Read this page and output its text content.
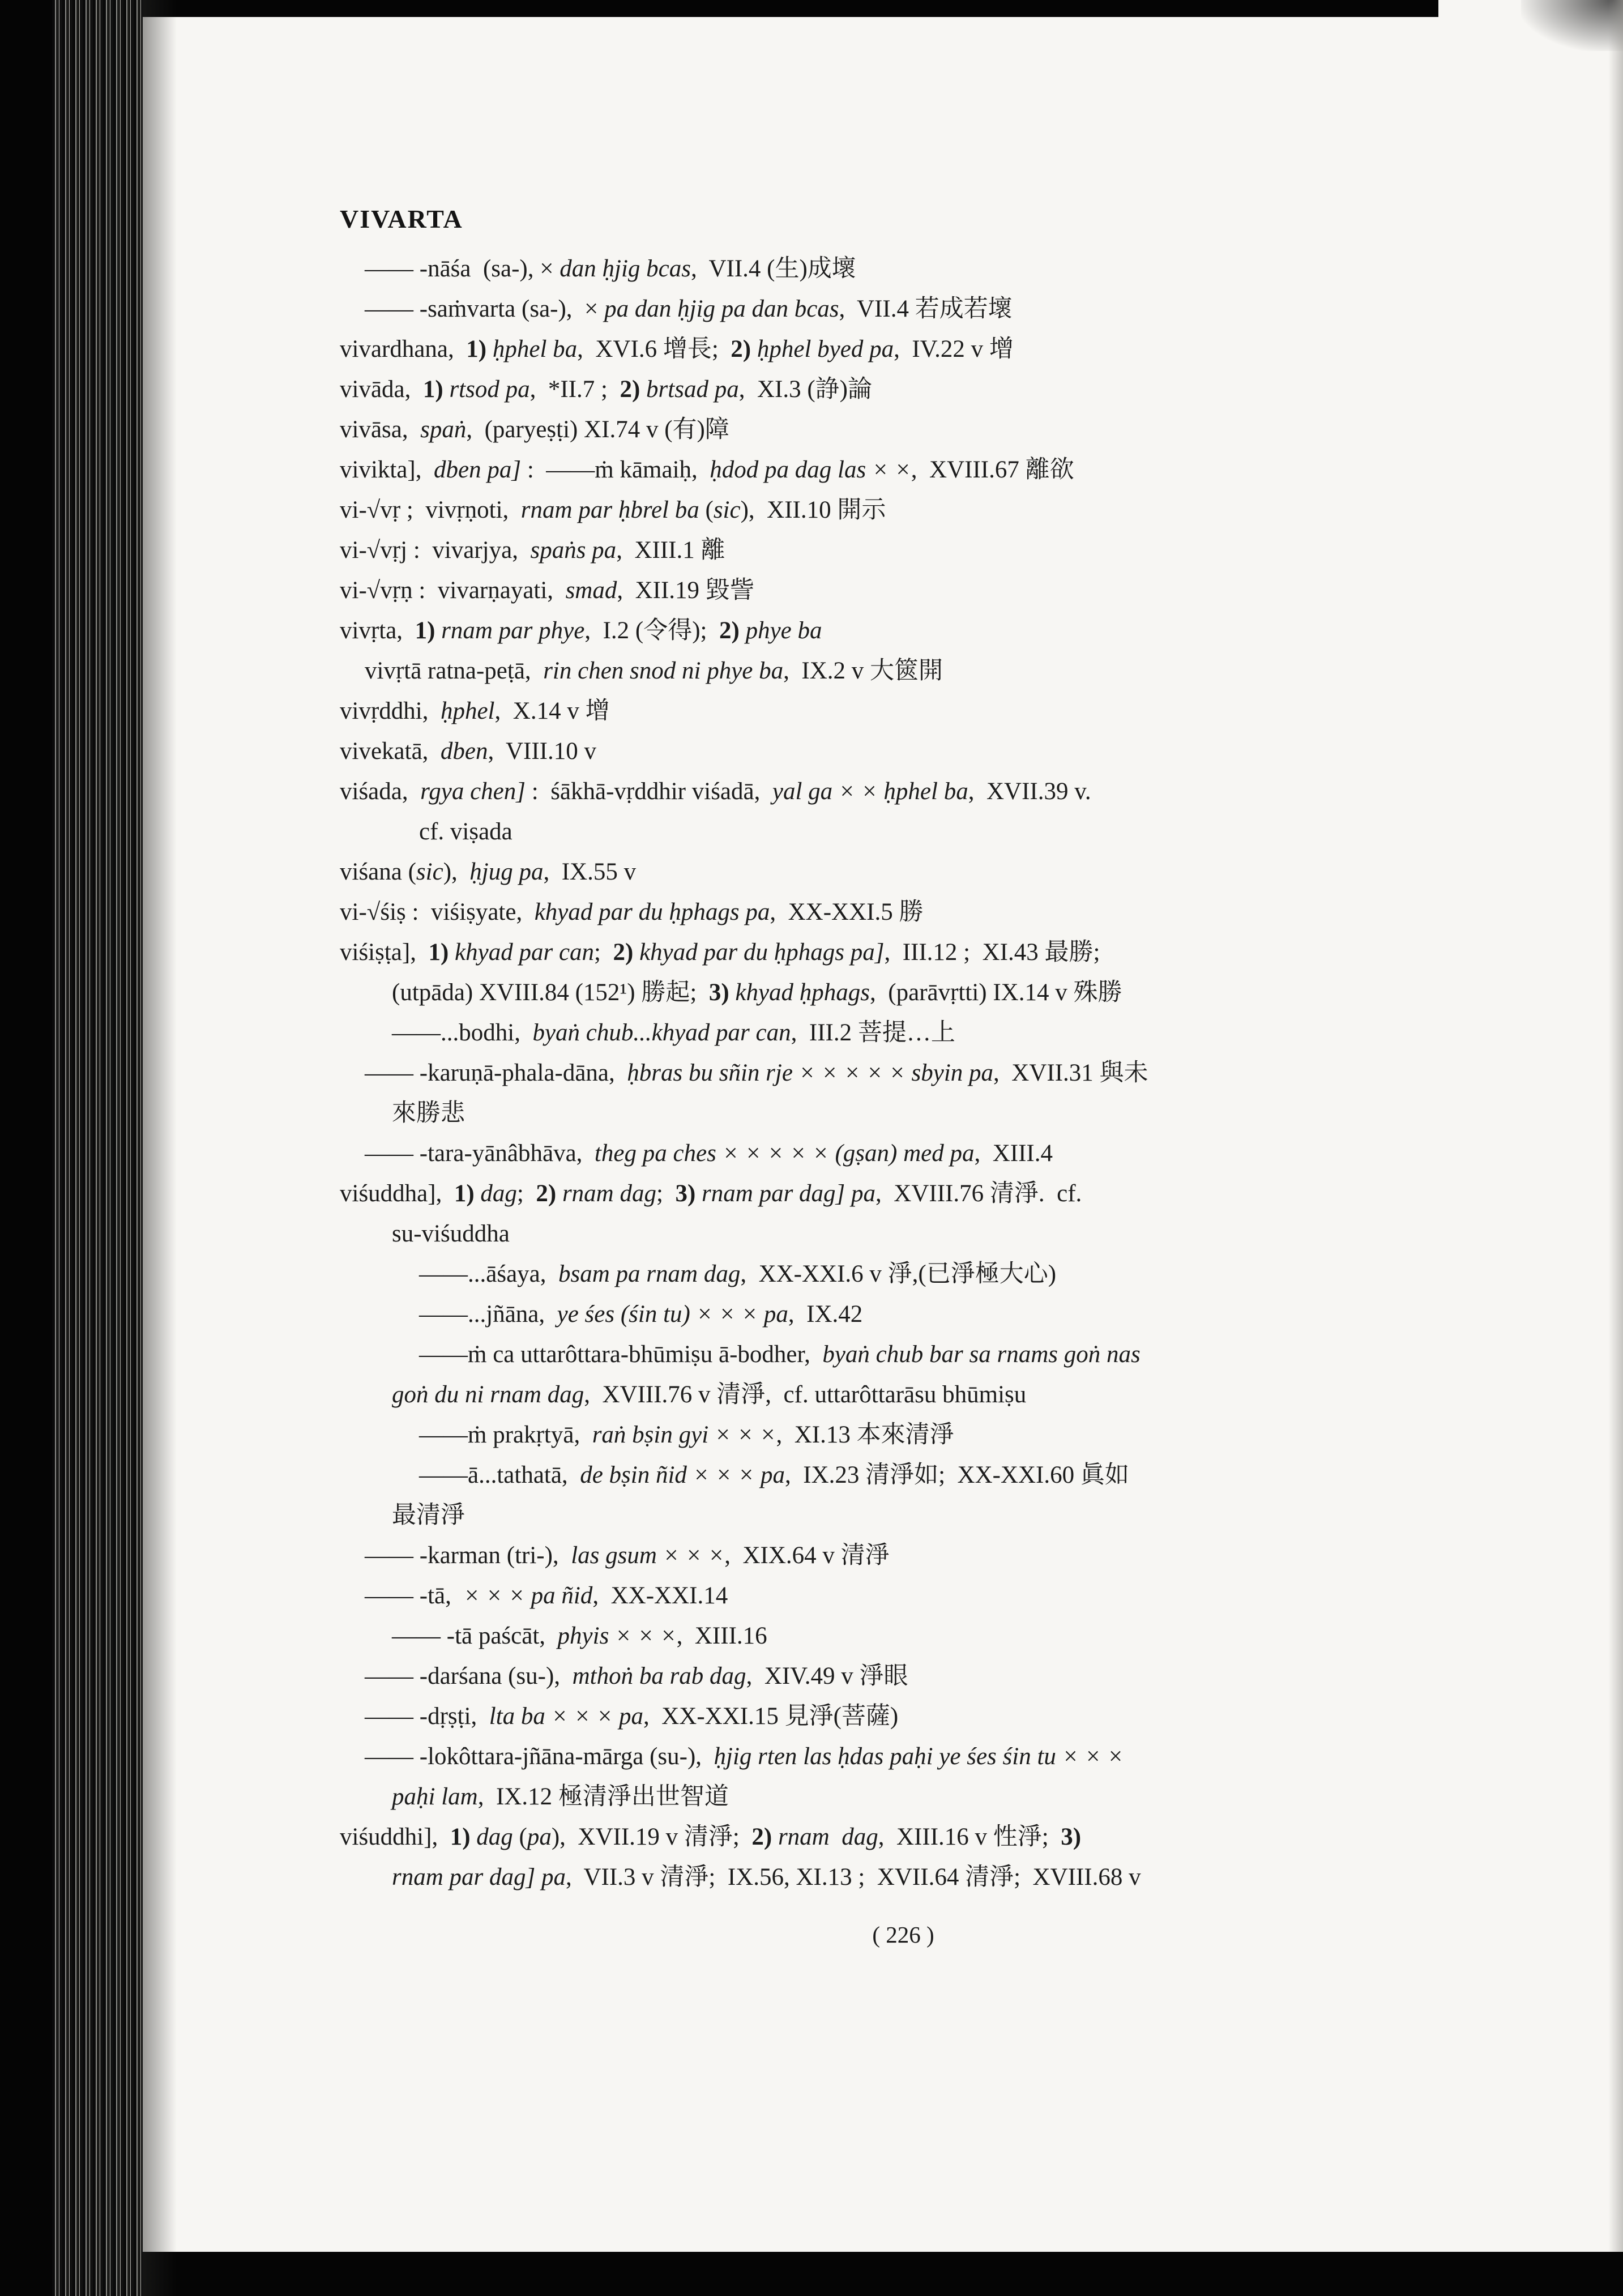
VIVARTA
—— -nāśa  (sa-), × dan ḥjig bcas,  VII.4 (生)成壞
—— -saṁvarta (sa-),  × pa dan ḥjig pa dan bcas,  VII.4 若成若壞
vivardhana,  1) ḥphel ba,  XVI.6 增長;  2) ḥphel byed pa,  IV.22 v 增
vivāda,  1) rtsod pa,  *II.7 ;  2) brtsad pa,  XI.3 (諍)論
vivāsa,  spaṅ,  (paryeṣṭi) XI.74 v (有)障
vivikta],  dben pa] :  ——ṁ kāmaiḥ,  ḥdod pa dag las × ×,  XVIII.67 離欲
vi-√vṛ ;  vivṛṇoti,  rnam par ḥbrel ba (sic),  XII.10 開示
vi-√vṛj :  vivarjya,  spaṅs pa,  XIII.1 離
vi-√vṛṇ :  vivarṇayati,  smad,  XII.19 毀訾
vivṛta,  1) rnam par phye,  I.2 (令得);  2) phye ba
vivṛtā ratna-peṭā,  rin chen snod ni phye ba,  IX.2 v 大篋開
vivṛddhi,  ḥphel,  X.14 v 增
vivekatā,  dben,  VIII.10 v
viśada,  rgya chen] :  śākhā-vṛddhir viśadā,  yal ga × × ḥphel ba,  XVII.39 v.
cf. viṣada
viśana (sic),  ḥjug pa,  IX.55 v
vi-√śiṣ :  viśiṣyate,  khyad par du ḥphags pa,  XX-XXI.5 勝
viśiṣṭa],  1) khyad par can;  2) khyad par du ḥphags pa],  III.12 ;  XI.43 最勝;
(utpāda) XVIII.84 (152¹) 勝起;  3) khyad ḥphags,  (parāvṛtti) IX.14 v 殊勝
——...bodhi,  byaṅ chub...khyad par can,  III.2 菩提…上
—— -karuṇā-phala-dāna,  ḥbras bu sñin rje × × × × × sbyin pa,  XVII.31 與未
來勝悲
—— -tara-yānâbhāva,  theg pa ches × × × × × (gṣan) med pa,  XIII.4
viśuddha],  1) dag;  2) rnam dag;  3) rnam par dag] pa,  XVIII.76 清淨.  cf.
su-viśuddha
——...āśaya,  bsam pa rnam dag,  XX-XXI.6 v 淨,(已淨極大心)
——...jñāna,  ye śes (śin tu) × × × pa,  IX.42
——ṁ ca uttarôttara-bhūmiṣu ā-bodher,  byaṅ chub bar sa rnams goṅ nas
goṅ du ni rnam dag,  XVIII.76 v 清淨,  cf. uttarôttarāsu bhūmiṣu
——ṁ prakṛtyā,  raṅ bṣin gyi × × ×,  XI.13 本來清淨
——ā...tathatā,  de bṣin ñid × × × pa,  IX.23 清淨如;  XX-XXI.60 眞如
最清淨
—— -karman (tri-),  las gsum × × ×,  XIX.64 v 清淨
—— -tā,  × × × pa ñid,  XX-XXI.14
—— -tā paścāt,  phyis × × ×,  XIII.16
—— -darśana (su-),  mthoṅ ba rab dag,  XIV.49 v 淨眼
—— -dṛṣṭi,  lta ba × × × pa,  XX-XXI.15 見淨(菩薩)
—— -lokôttara-jñāna-mārga (su-),  ḥjig rten las ḥdas paḥi ye śes śin tu × × ×
paḥi lam,  IX.12 極清淨出世智道
viśuddhi],  1) dag (pa),  XVII.19 v 清淨;  2) rnam  dag,  XIII.16 v 性淨;  3)
rnam par dag] pa,  VII.3 v 清淨;  IX.56, XI.13 ;  XVII.64 清淨;  XVIII.68 v
( 226 )
